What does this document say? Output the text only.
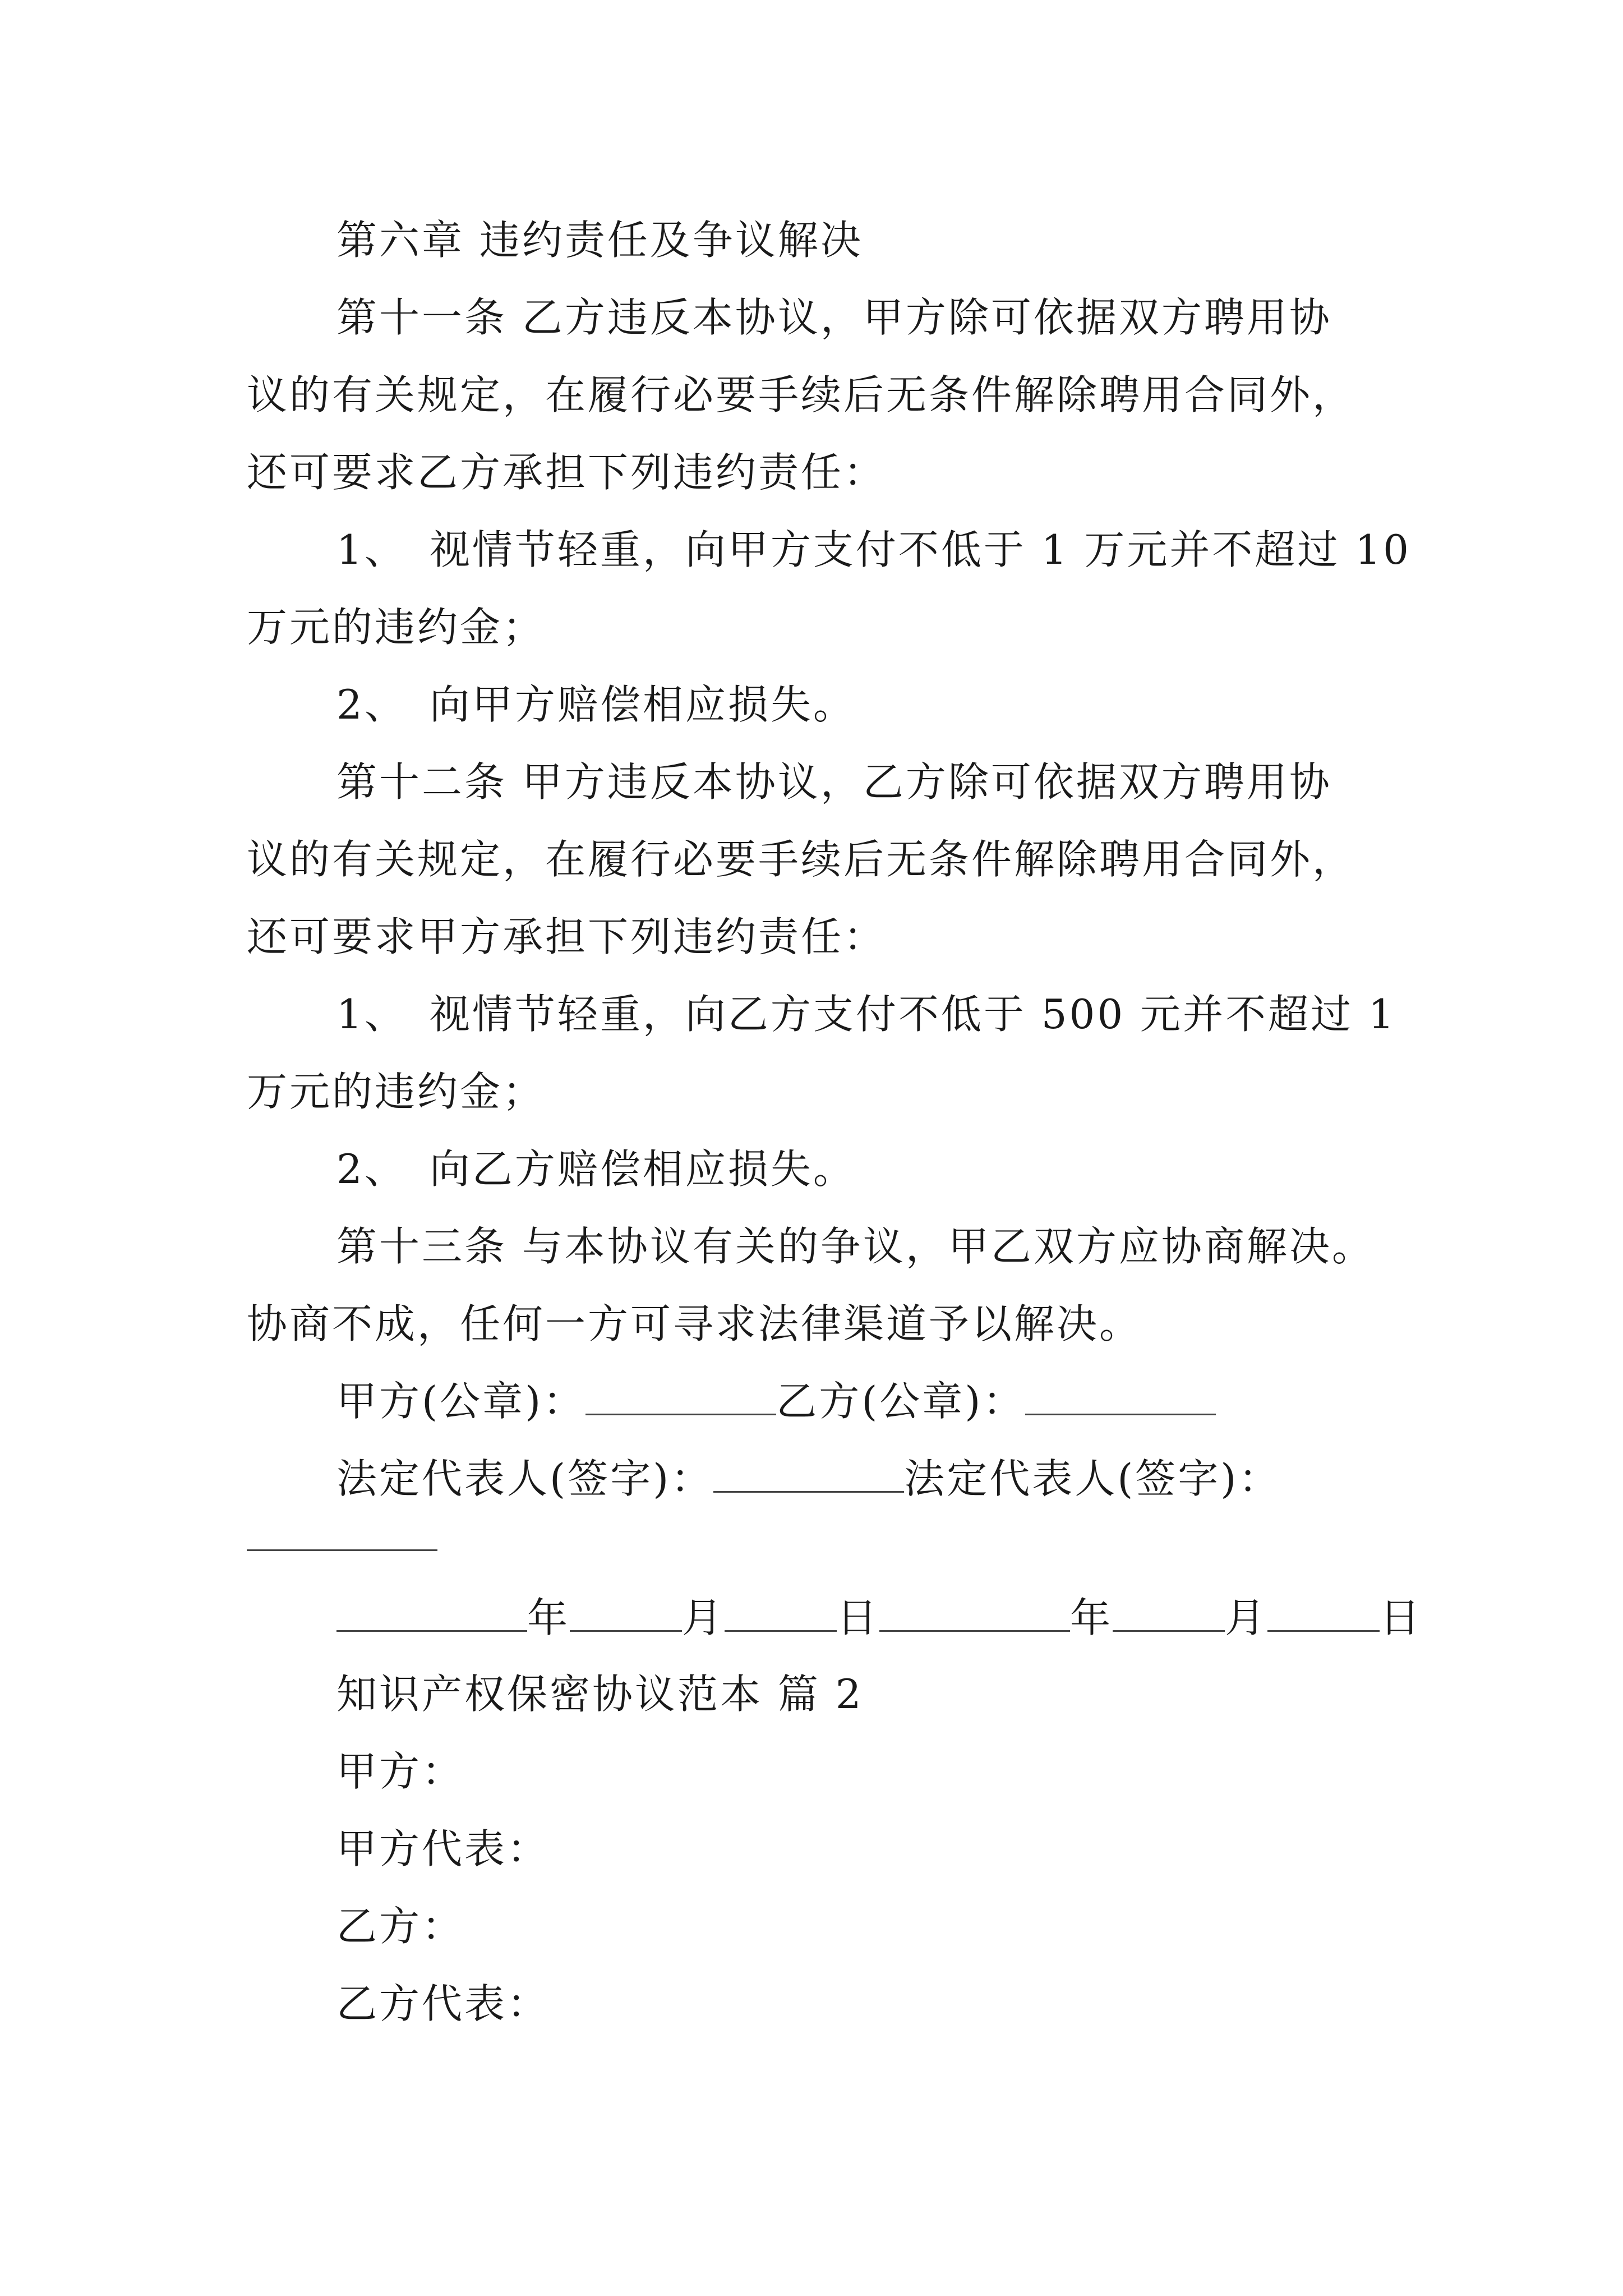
第六章 违约责任及争议解决
第十一条 乙方违反本协议，甲方除可依据双方聘用协
议的有关规定，在履行必要手续后无条件解除聘用合同外，
还可要求乙方承担下列违约责任：
1、 视情节轻重，向甲方支付不低于 1 万元并不超过 10
万元的违约金；
2、 向甲方赔偿相应损失。
第十二条 甲方违反本协议，乙方除可依据双方聘用协
议的有关规定，在履行必要手续后无条件解除聘用合同外，
还可要求甲方承担下列违约责任：
1、 视情节轻重，向乙方支付不低于 500 元并不超过 1
万元的违约金；
2、 向乙方赔偿相应损失。
第十三条 与本协议有关的争议，甲乙双方应协商解决。
协商不成，任何一方可寻求法律渠道予以解决。
甲方(公章)：	乙方(公章)：
法定代表人(签字)：	法定代表人(签字)：
年	月	日	年	月	日
知识产权保密协议范本 篇 2
甲方：
甲方代表：
乙方：
乙方代表：
